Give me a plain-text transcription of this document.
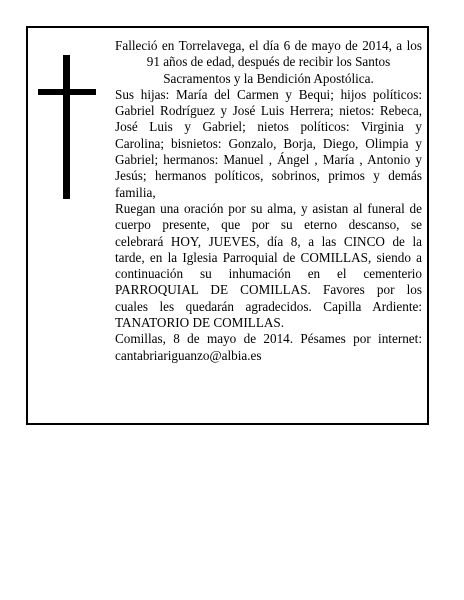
Falleció en Torrelavega, el día 6 de mayo de 2014, a los
91 años de edad, después de recibir los Santos
Sacramentos y la Bendición Apostólica.

Sus hijas: María del Carmen y Bequi; hijos políticos:
Gabriel Rodríguez y José Luis Herrera; nietos: Rebeca,
José Luis y Gabriel; nietos políticos: Virginia y
Carolina; bisnietos: Gonzalo, Borja, Diego, Olimpia y
Gabriel; hermanos: Manuel , Ángel , María , Antonio y
Jesús; hermanos políticos, sobrinos, primos y demás
familia,

Ruegan una oración por su alma, y asistan al funeral de
cuerpo presente, que por su eterno descanso, se
celebrará HOY, JUEVES, día 8, a las CINCO de la
tarde, en la Iglesia Parroquial de COMILLAS, siendo a
continuación su inhumación en el cementerio
PARROQUIAL DE COMILLAS. Favores por los
cuales les quedarán agradecidos. Capilla Ardiente:
TANATORIO DE COMILLAS.

Comillas, 8 de mayo de 2014. Pésames por internet:
cantabriariguanzo@albia.es
